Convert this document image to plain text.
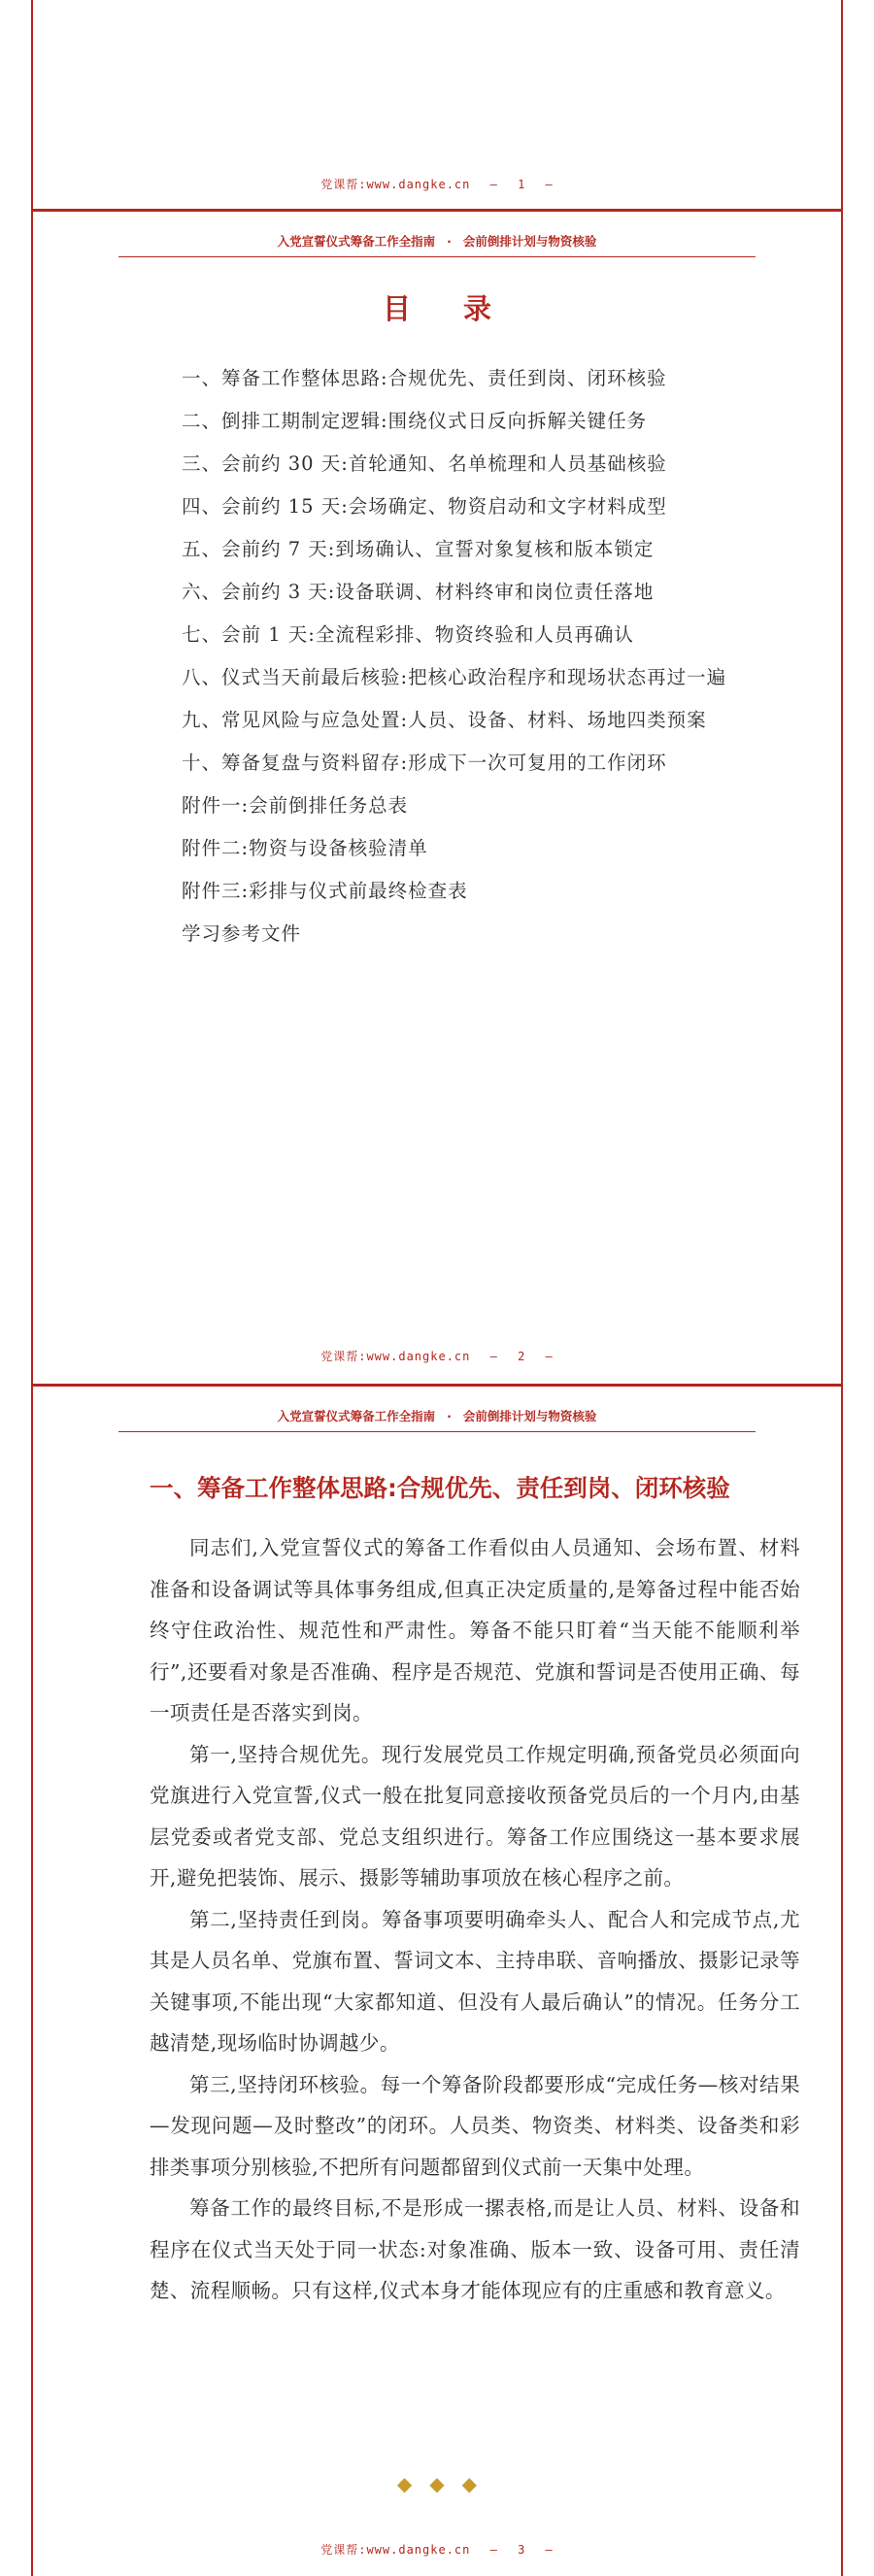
党课帮:www.dangke.cn — 1 —
入党宣誓仪式筹备工作全指南 · 会前倒排计划与物资核验
目 录
一、筹备工作整体思路:合规优先、责任到岗、闭环核验
二、倒排工期制定逻辑:围绕仪式日反向拆解关键任务
三、会前约 30 天:首轮通知、名单梳理和人员基础核验
四、会前约 15 天:会场确定、物资启动和文字材料成型
五、会前约 7 天:到场确认、宣誓对象复核和版本锁定
六、会前约 3 天:设备联调、材料终审和岗位责任落地
七、会前 1 天:全流程彩排、物资终验和人员再确认
八、仪式当天前最后核验:把核心政治程序和现场状态再过一遍
九、常见风险与应急处置:人员、设备、材料、场地四类预案
十、筹备复盘与资料留存:形成下一次可复用的工作闭环
附件一:会前倒排任务总表
附件二:物资与设备核验清单
附件三:彩排与仪式前最终检查表
学习参考文件
党课帮:www.dangke.cn — 2 —
入党宣誓仪式筹备工作全指南 · 会前倒排计划与物资核验
一、筹备工作整体思路:合规优先、责任到岗、闭环核验

同志们,入党宣誓仪式的筹备工作看似由人员通知、会场布置、材料准备和设备调试等具体事务组成,但真正决定质量的,是筹备过程中能否始终守住政治性、规范性和严肃性。筹备不能只盯着“当天能不能顺利举行”,还要看对象是否准确、程序是否规范、党旗和誓词是否使用正确、每一项责任是否落实到岗。

第一,坚持合规优先。现行发展党员工作规定明确,预备党员必须面向党旗进行入党宣誓,仪式一般在批复同意接收预备党员后的一个月内,由基层党委或者党支部、党总支组织进行。筹备工作应围绕这一基本要求展开,避免把装饰、展示、摄影等辅助事项放在核心程序之前。

第二,坚持责任到岗。筹备事项要明确牵头人、配合人和完成节点,尤其是人员名单、党旗布置、誓词文本、主持串联、音响播放、摄影记录等关键事项,不能出现“大家都知道、但没有人最后确认”的情况。任务分工越清楚,现场临时协调越少。

第三,坚持闭环核验。每一个筹备阶段都要形成“完成任务—核对结果—发现问题—及时整改”的闭环。人员类、物资类、材料类、设备类和彩排类事项分别核验,不把所有问题都留到仪式前一天集中处理。

筹备工作的最终目标,不是形成一摞表格,而是让人员、材料、设备和程序在仪式当天处于同一状态:对象准确、版本一致、设备可用、责任清楚、流程顺畅。只有这样,仪式本身才能体现应有的庄重感和教育意义。

◆◆◆
党课帮:www.dangke.cn — 3 —
